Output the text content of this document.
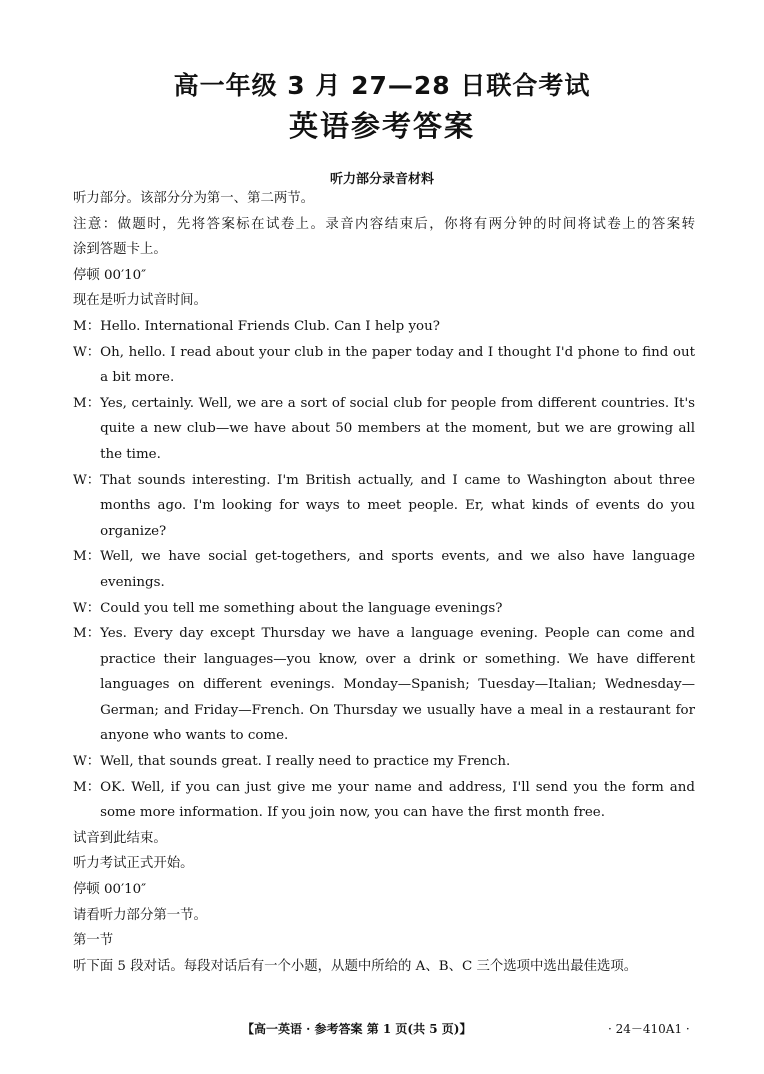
高一年级 3 月 27—28 日联合考试
英语参考答案
听力部分录音材料

听力部分。该部分分为第一、第二两节。

注意：做题时，先将答案标在试卷上。录音内容结束后，你将有两分钟的时间将试卷上的答案转

涂到答题卡上。

停顿 00′10″

现在是听力试音时间。

M： Hello. International Friends Club. Can I help you?
W： Oh, hello. I read about your club in the paper today and I thought I'd phone to find out a bit more.
M： Yes, certainly. Well, we are a sort of social club for people from different countries. It's quite a new club—we have about 50 members at the moment, but we are growing all the time.
W： That sounds interesting. I'm British actually, and I came to Washington about three months ago. I'm looking for ways to meet people. Er, what kinds of events do you organize?
M： Well, we have social get-togethers, and sports events, and we also have language evenings.
W： Could you tell me something about the language evenings?
M： Yes. Every day except Thursday we have a language evening. People can come and practice their languages—you know, over a drink or something. We have different languages on different evenings. Monday—Spanish; Tuesday—Italian; Wednesday—German; and Friday—French. On Thursday we usually have a meal in a restaurant for anyone who wants to come.
W： Well, that sounds great. I really need to practice my French.
M： OK. Well, if you can just give me your name and address, I'll send you the form and some more information. If you join now, you can have the first month free.

试音到此结束。

听力考试正式开始。

停顿 00′10″

请看听力部分第一节。

第一节

听下面 5 段对话。每段对话后有一个小题，从题中所给的 A、B、C 三个选项中选出最佳选项。

【高一英语 · 参考答案 第 1 页(共 5 页)】	· 24－410A1 ·
